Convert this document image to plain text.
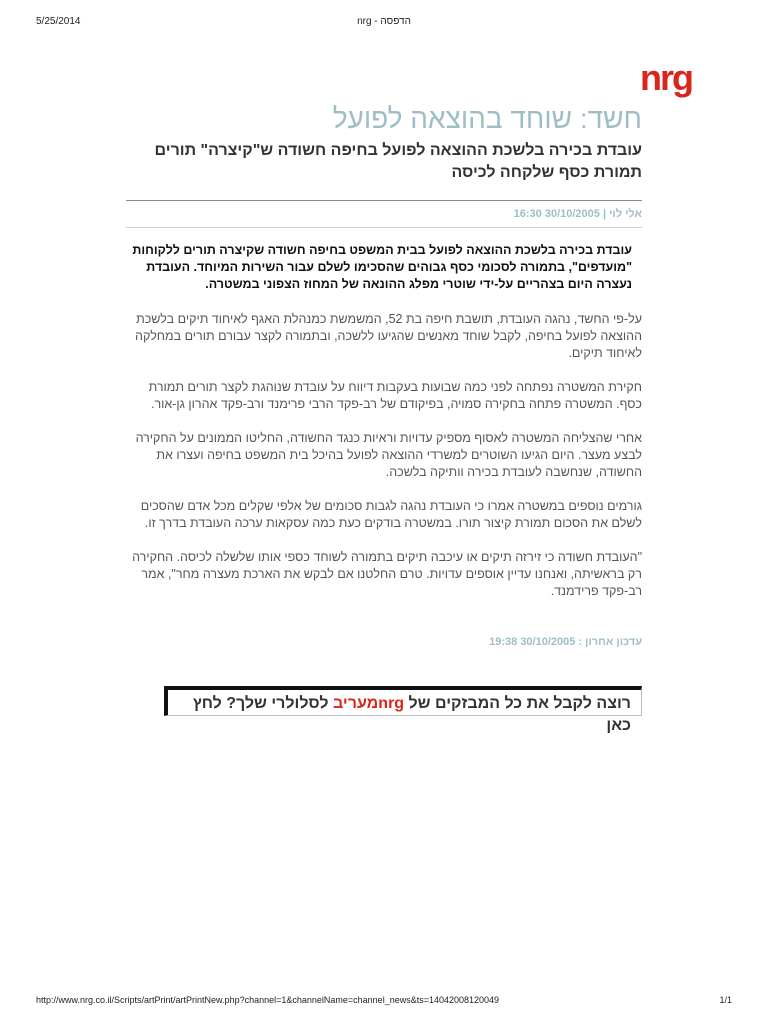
5/25/2014	nrg - הדפסה
nrg
חשד: שוחד בהוצאה לפועל
עובדת בכירה בלשכת ההוצאה לפועל בחיפה חשודה ש"קיצרה" תורים תמורת כסף שלקחה לכיסה
אלי לוי | 30/10/2005 16:30

עובדת בכירה בלשכת ההוצאה לפועל בבית המשפט בחיפה חשודה שקיצרה תורים ללקוחות "מועדפים", בתמורה לסכומי כסף גבוהים שהסכימו לשלם עבור השירות המיוחד. העובדת נעצרה היום בצהריים על-ידי שוטרי מפלג ההונאה של המחוז הצפוני במשטרה.

על-פי החשד, נהגה העובדת, תושבת חיפה בת 52, המשמשת כמנהלת האגף לאיחוד תיקים בלשכת ההוצאה לפועל בחיפה, לקבל שוחד מאנשים שהגיעו ללשכה, ובתמורה לקצר עבורם תורים במחלקה לאיחוד תיקים.

חקירת המשטרה נפתחה לפני כמה שבועות בעקבות דיווח על עובדת שנוהגת לקצר תורים תמורת כסף. המשטרה פתחה בחקירה סמויה, בפיקודם של רב-פקד הרבי פרימנד ורב-פקד אהרון גן-אור.

אחרי שהצליחה המשטרה לאסוף מספיק עדויות וראיות כנגד החשודה, החליטו הממונים על החקירה לבצע מעצר. היום הגיעו השוטרים למשרדי ההוצאה לפועל בהיכל בית המשפט בחיפה ועצרו את החשודה, שנחשבה לעובדת בכירה וותיקה בלשכה.

גורמים נוספים במשטרה אמרו כי העובדת נהגה לגבות סכומים של אלפי שקלים מכל אדם שהסכים לשלם את הסכום תמורת קיצור תורו. במשטרה בודקים כעת כמה עסקאות ערכה העובדת בדרך זו.

"העובדת חשודה כי זירזה תיקים או עיכבה תיקים בתמורה לשוחד כספי אותו שלשלה לכיסה. החקירה רק בראשיתה, ואנחנו עדיין אוספים עדויות. טרם החלטנו אם לבקש את הארכת מעצרה מחר", אמר רב-פקד פרידמנד.

עדכון אחרון : 30/10/2005 19:38
רוצה לקבל את כל המבזקים של nrgמעריב לסלולרי שלך? לחץ כאן
http://www.nrg.co.il/Scripts/artPrint/artPrintNew.php?channel=1&channelName=channel_news&ts=14042008120049	1/1
